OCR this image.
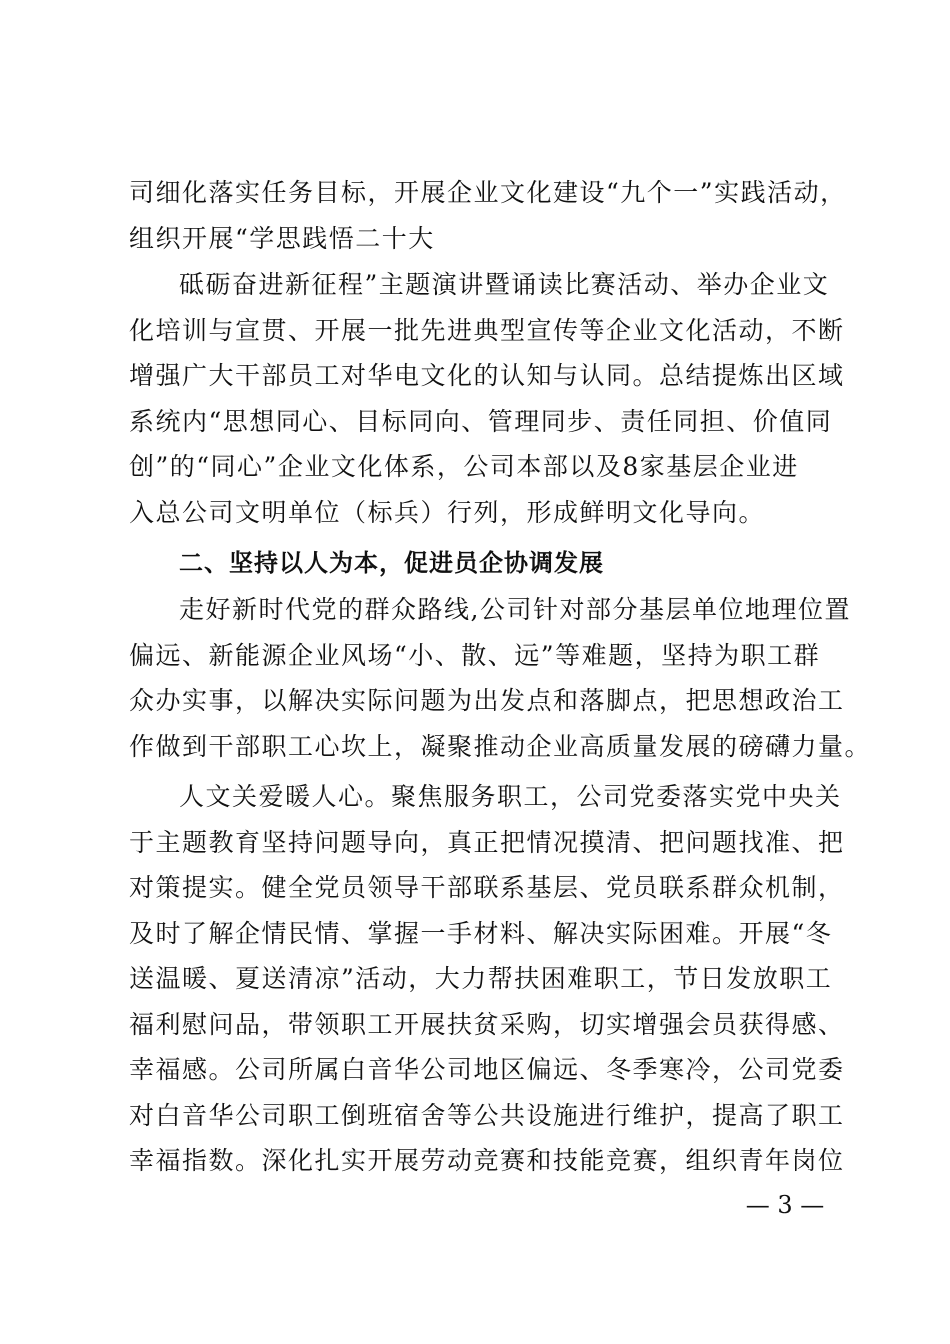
司细化落实任务目标，开展企业文化建设“九个一”实践活动，
组织开展“学思践悟二十大
砥砺奋进新征程”主题演讲暨诵读比赛活动、举办企业文
化培训与宣贯、开展一批先进典型宣传等企业文化活动，不断
增强广大干部员工对华电文化的认知与认同。总结提炼出区域
系统内“思想同心、目标同向、管理同步、责任同担、价值同
创”的“同心”企业文化体系，公司本部以及8家基层企业进
入总公司文明单位（标兵）行列，形成鲜明文化导向。
二、坚持以人为本，促进员企协调发展
走好新时代党的群众路线,公司针对部分基层单位地理位置
偏远、新能源企业风场“小、散、远”等难题，坚持为职工群
众办实事，以解决实际问题为出发点和落脚点，把思想政治工
作做到干部职工心坎上，凝聚推动企业高质量发展的磅礴力量。
人文关爱暖人心。聚焦服务职工，公司党委落实党中央关
于主题教育坚持问题导向，真正把情况摸清、把问题找准、把
对策提实。健全党员领导干部联系基层、党员联系群众机制，
及时了解企情民情、掌握一手材料、解决实际困难。开展“冬
送温暖、夏送清凉”活动，大力帮扶困难职工，节日发放职工
福利慰问品，带领职工开展扶贫采购，切实增强会员获得感、
幸福感。公司所属白音华公司地区偏远、冬季寒冷，公司党委
对白音华公司职工倒班宿舍等公共设施进行维护，提高了职工
幸福指数。深化扎实开展劳动竞赛和技能竞赛，组织青年岗位
— 3 —
